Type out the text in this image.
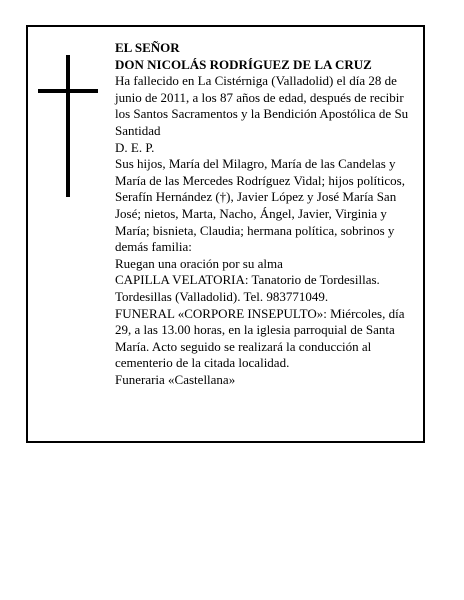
EL SEÑOR

DON NICOLÁS RODRÍGUEZ DE LA CRUZ

Ha fallecido en La Cistérniga (Valladolid) el día 28 de junio de 2011, a los 87 años de edad, después de recibir los Santos Sacramentos y la Bendición Apostólica de Su Santidad

D. E. P.

Sus hijos, María del Milagro, María de las Candelas y María de las Mercedes Rodríguez Vidal; hijos políticos, Serafín Hernández (†), Javier López y José María San José; nietos, Marta, Nacho, Ángel, Javier, Virginia y María; bisnieta, Claudia; hermana política, sobrinos y demás familia:

Ruegan una oración por su alma

CAPILLA VELATORIA: Tanatorio de Tordesillas. Tordesillas (Valladolid). Tel. 983771049.

FUNERAL «CORPORE INSEPULTO»: Miércoles, día 29, a las 13.00 horas, en la iglesia parroquial de Santa María. Acto seguido se realizará la conducción al cementerio de la citada localidad.

Funeraria «Castellana»
